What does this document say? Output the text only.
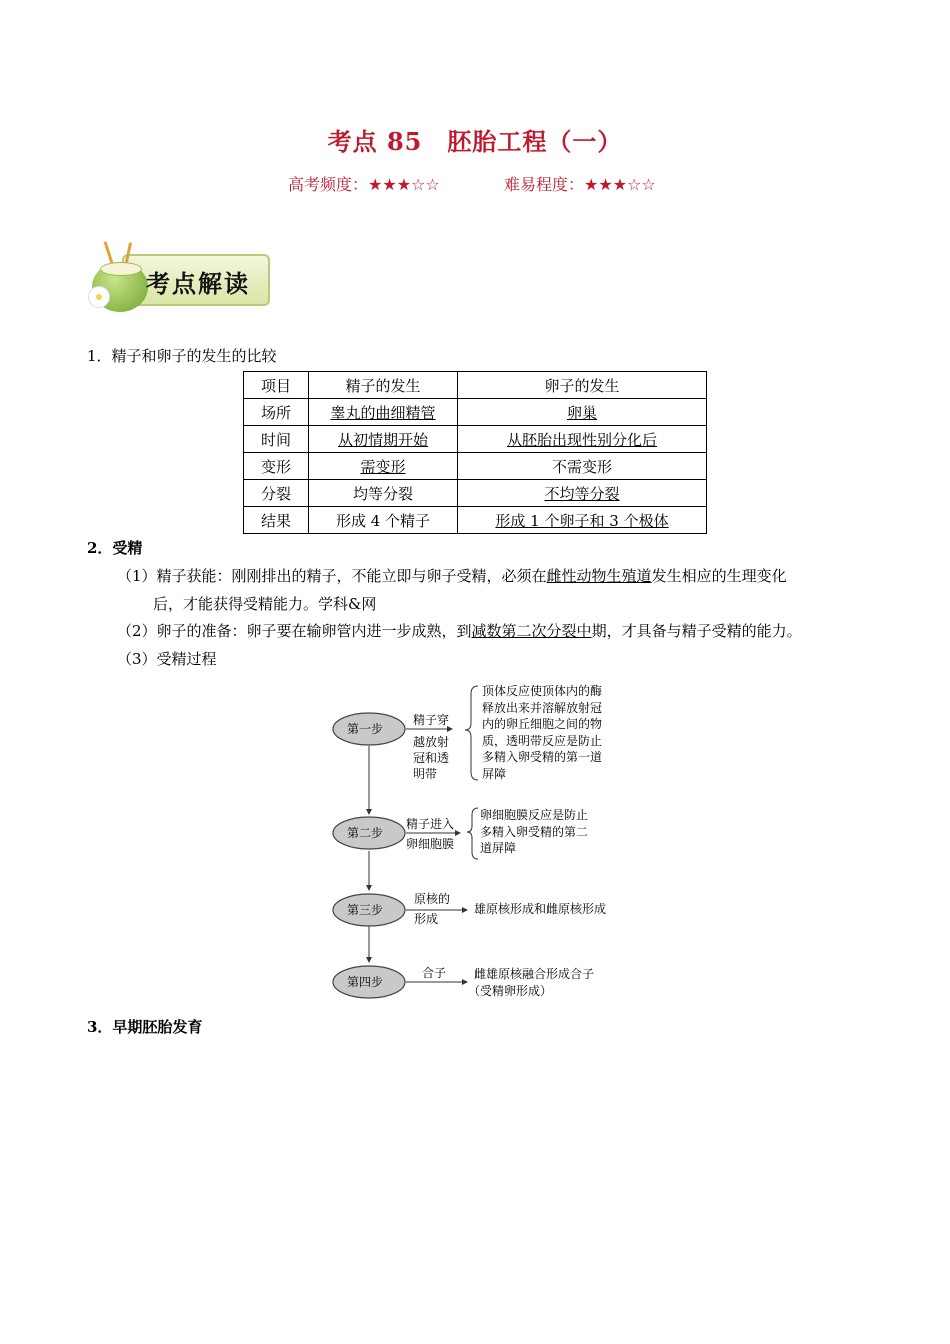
考点 85　胚胎工程（一）
高考频度：★★★☆☆	难易程度：★★★☆☆
考点解读
1．精子和卵子的发生的比较
项目	精子的发生	卵子的发生
场所	睾丸的曲细精管	卵巢
时间	从初情期开始	从胚胎出现性别分化后
变形	需变形	不需变形
分裂	均等分裂	不均等分裂
结果	形成 4 个精子	形成 1 个卵子和 3 个极体
2．受精
（1）精子获能：刚刚排出的精子，不能立即与卵子受精，必须在雌性动物生殖道发生相应的生理变化
后，才能获得受精能力。学科&网
（2）卵子的准备：卵子要在输卵管内进一步成熟，到减数第二次分裂中期，才具备与精子受精的能力。
（3）受精过程
第一步
第二步
第三步
第四步
精子穿
越放射
冠和透
明带
精子进入
卵细胞膜
原核的
形成
合子
顶体反应使顶体内的酶
释放出来并溶解放射冠
内的卵丘细胞之间的物
质，透明带反应是防止
多精入卵受精的第一道
屏障
卵细胞膜反应是防止
多精入卵受精的第二
道屏障
雄原核形成和雌原核形成
雌雄原核融合形成合子
（受精卵形成）
3．早期胚胎发育
